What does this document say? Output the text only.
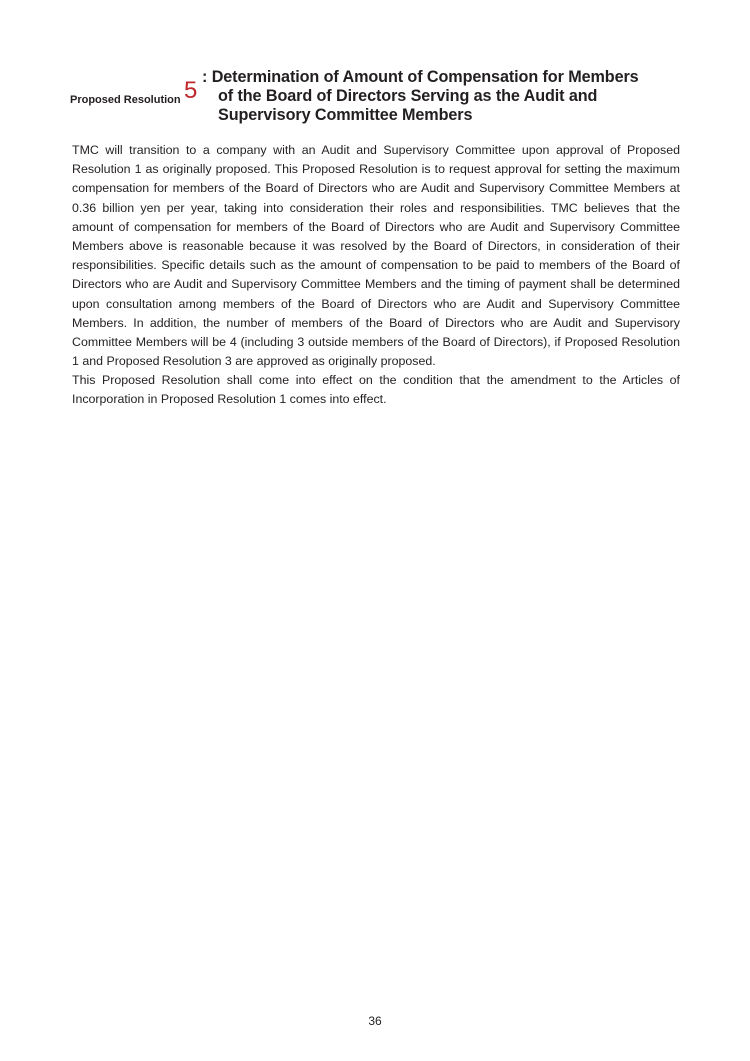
Proposed Resolution 5 : Determination of Amount of Compensation for Members
of the Board of Directors Serving as the Audit and
Supervisory Committee Members

TMC will transition to a company with an Audit and Supervisory Committee upon approval of Proposed Resolution 1 as originally proposed. This Proposed Resolution is to request approval for setting the maximum compensation for members of the Board of Directors who are Audit and Supervisory Committee Members at 0.36 billion yen per year, taking into consideration their roles and responsibilities. TMC believes that the amount of compensation for members of the Board of Directors who are Audit and Supervisory Committee Members above is reasonable because it was resolved by the Board of Directors, in consideration of their responsibilities. Specific details such as the amount of compensation to be paid to members of the Board of Directors who are Audit and Supervisory Committee Members and the timing of payment shall be determined upon consultation among members of the Board of Directors who are Audit and Supervisory Committee Members. In addition, the number of members of the Board of Directors who are Audit and Supervisory Committee Members will be 4 (including 3 outside members of the Board of Directors), if Proposed Resolution 1 and Proposed Resolution 3 are approved as originally proposed.

This Proposed Resolution shall come into effect on the condition that the amendment to the Articles of Incorporation in Proposed Resolution 1 comes into effect.

36
